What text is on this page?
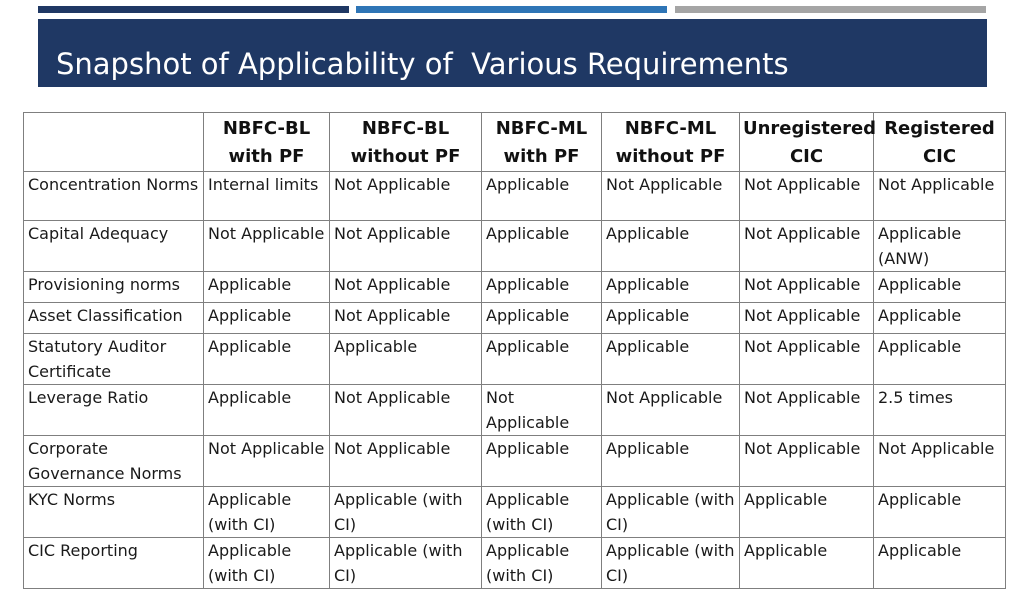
Snapshot of Applicability of  Various Requirements
	NBFC-BL with PF	NBFC-BL without PF	NBFC-ML with PF	NBFC-ML without PF	Unregistered CIC	Registered CIC
Concentration Norms	Internal limits	Not Applicable	Applicable	Not Applicable	Not Applicable	Not Applicable
Capital Adequacy	Not Applicable	Not Applicable	Applicable	Applicable	Not Applicable	Applicable (ANW)
Provisioning norms	Applicable	Not Applicable	Applicable	Applicable	Not Applicable	Applicable
Asset Classification	Applicable	Not Applicable	Applicable	Applicable	Not Applicable	Applicable
Statutory Auditor Certificate	Applicable	Applicable	Applicable	Applicable	Not Applicable	Applicable
Leverage Ratio	Applicable	Not Applicable	Not Applicable	Not Applicable	Not Applicable	2.5 times
Corporate Governance Norms	Not Applicable	Not Applicable	Applicable	Applicable	Not Applicable	Not Applicable
KYC Norms	Applicable (with CI)	Applicable (with CI)	Applicable (with CI)	Applicable (with CI)	Applicable	Applicable
CIC Reporting	Applicable (with CI)	Applicable (with CI)	Applicable (with CI)	Applicable (with CI)	Applicable	Applicable
